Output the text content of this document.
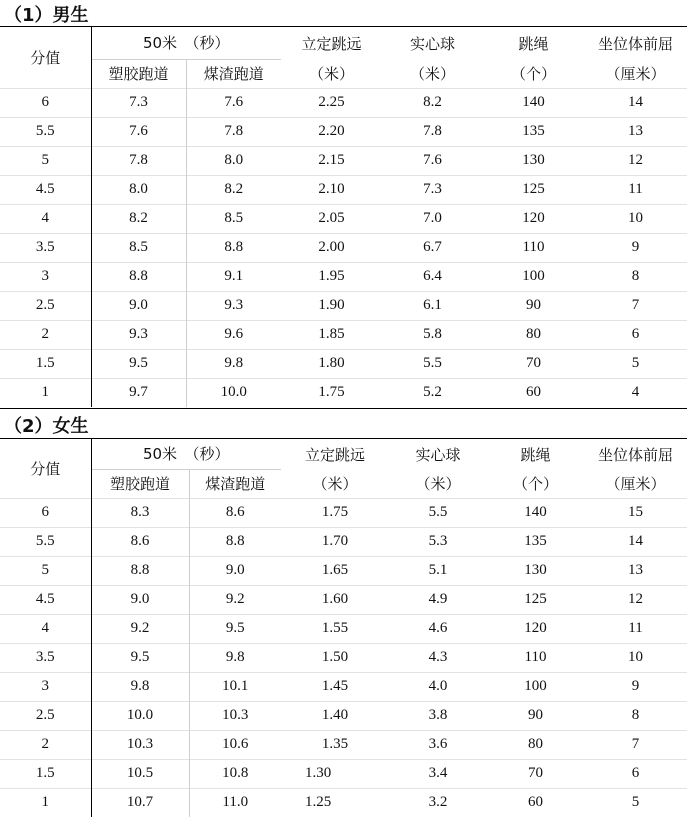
（1）男生
分值	50米　（秒）		立定跳远	实心球	跳绳	坐位体前屈
	塑胶跑道	煤渣跑道	（米）	（米）	（个）	（厘米）
6	7.3	7.6	2.25	8.2	140	14
5.5	7.6	7.8	2.20	7.8	135	13
5	7.8	8.0	2.15	7.6	130	12
4.5	8.0	8.2	2.10	7.3	125	11
4	8.2	8.5	2.05	7.0	120	10
3.5	8.5	8.8	2.00	6.7	110	9
3	8.8	9.1	1.95	6.4	100	8
2.5	9.0	9.3	1.90	6.1	90	7
2	9.3	9.6	1.85	5.8	80	6
1.5	9.5	9.8	1.80	5.5	70	5
1	9.7	10.0	1.75	5.2	60	4
（2）女生
分值	50米　（秒）		立定跳远	实心球	跳绳	坐位体前屈
	塑胶跑道	煤渣跑道	（米）	（米）	（个）	（厘米）
6	8.3	8.6	1.75	5.5	140	15
5.5	8.6	8.8	1.70	5.3	135	14
5	8.8	9.0	1.65	5.1	130	13
4.5	9.0	9.2	1.60	4.9	125	12
4	9.2	9.5	1.55	4.6	120	11
3.5	9.5	9.8	1.50	4.3	110	10
3	9.8	10.1	1.45	4.0	100	9
2.5	10.0	10.3	1.40	3.8	90	8
2	10.3	10.6	1.35	3.6	80	7
1.5	10.5	10.8	1.30	3.4	70	6
1	10.7	11.0	1.25	3.2	60	5
